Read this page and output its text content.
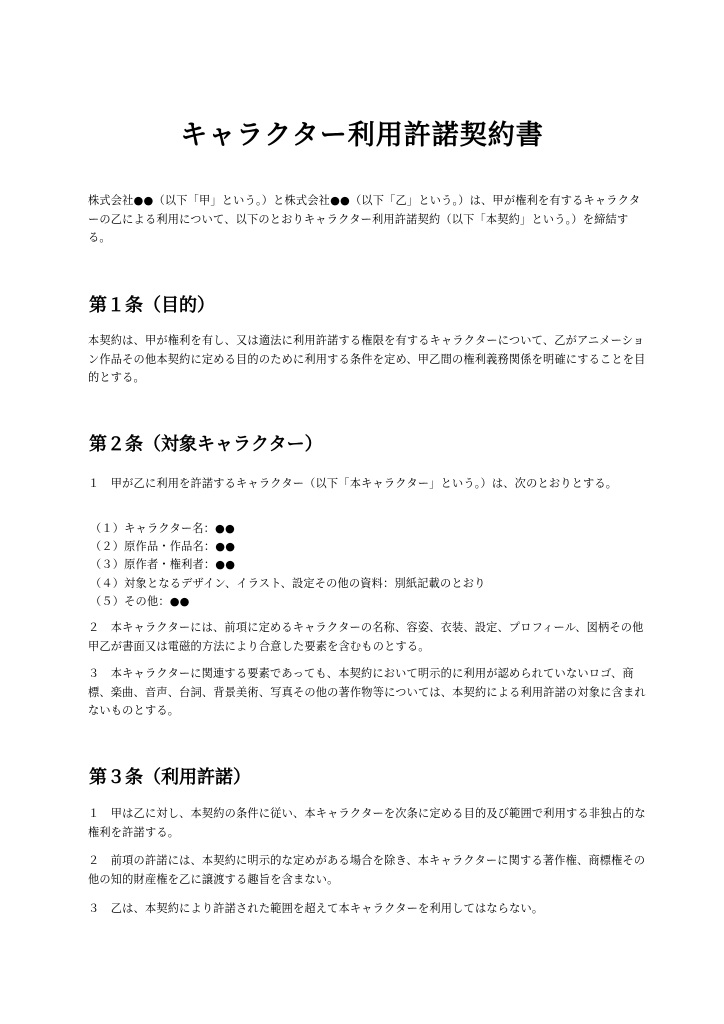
キャラクター利用許諾契約書
株式会社●●（以下「甲」という。）と株式会社●●（以下「乙」という。）は、甲が権利を有するキャラクターの乙による利用について、以下のとおりキャラクター利用許諾契約（以下「本契約」という。）を締結する。
第１条（目的）
本契約は、甲が権利を有し、又は適法に利用許諾する権限を有するキャラクターについて、乙がアニメーション作品その他本契約に定める目的のために利用する条件を定め、甲乙間の権利義務関係を明確にすることを目的とする。
第２条（対象キャラクター）
１　甲が乙に利用を許諾するキャラクター（以下「本キャラクター」という。）は、次のとおりとする。
（１）キャラクター名：●●
（２）原作品・作品名：●●
（３）原作者・権利者：●●
（４）対象となるデザイン、イラスト、設定その他の資料：別紙記載のとおり
（５）その他：●●
２　本キャラクターには、前項に定めるキャラクターの名称、容姿、衣装、設定、プロフィール、図柄その他甲乙が書面又は電磁的方法により合意した要素を含むものとする。
３　本キャラクターに関連する要素であっても、本契約において明示的に利用が認められていないロゴ、商標、楽曲、音声、台詞、背景美術、写真その他の著作物等については、本契約による利用許諾の対象に含まれないものとする。
第３条（利用許諾）
１　甲は乙に対し、本契約の条件に従い、本キャラクターを次条に定める目的及び範囲で利用する非独占的な権利を許諾する。
２　前項の許諾には、本契約に明示的な定めがある場合を除き、本キャラクターに関する著作権、商標権その他の知的財産権を乙に譲渡する趣旨を含まない。
３　乙は、本契約により許諾された範囲を超えて本キャラクターを利用してはならない。
